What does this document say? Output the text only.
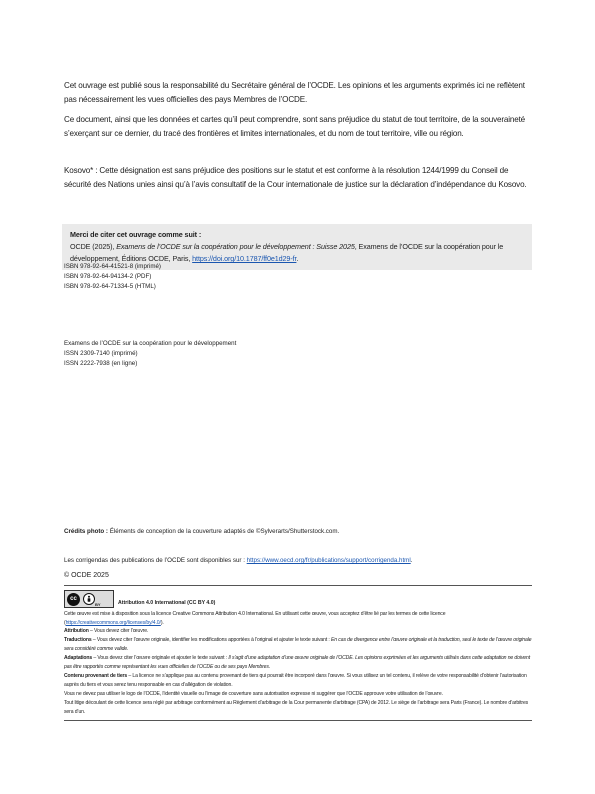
Cet ouvrage est publié sous la responsabilité du Secrétaire général de l’OCDE. Les opinions et les arguments exprimés ici ne reflètent pas nécessairement les vues officielles des pays Membres de l’OCDE.

Ce document, ainsi que les données et cartes qu’il peut comprendre, sont sans préjudice du statut de tout territoire, de la souveraineté s’exerçant sur ce dernier, du tracé des frontières et limites internationales, et du nom de tout territoire, ville ou région.

Kosovo* : Cette désignation est sans préjudice des positions sur le statut et est conforme à la résolution 1244/1999 du Conseil de sécurité des Nations unies ainsi qu’à l’avis consultatif de la Cour internationale de justice sur la déclaration d’indépendance du Kosovo.

Merci de citer cet ouvrage comme suit :
OCDE (2025), Examens de l’OCDE sur la coopération pour le développement : Suisse 2025, Examens de l’OCDE sur la coopération pour le développement, Éditions OCDE, Paris, https://doi.org/10.1787/ff0e1d29-fr.
ISBN 978-92-64-41521-8 (imprimé)
ISBN 978-92-64-94134-2 (PDF)
ISBN 978-92-64-71334-5 (HTML)
Examens de l’OCDE sur la coopération pour le développement
ISSN 2309-7140 (imprimé)
ISSN 2222-7938 (en ligne)
Crédits photo : Éléments de conception de la couverture adaptés de ©Sylverarts/Shutterstock.com.
Les corrigendas des publications de l’OCDE sont disponibles sur : https://www.oecd.org/fr/publications/support/corrigenda.html.
© OCDE 2025
cc
BY	Attribution 4.0 International (CC BY 4.0)
Cette œuvre est mise à disposition sous la licence Creative Commons Attribution 4.0 International. En utilisant cette œuvre, vous acceptez d’être lié par les termes de cette licence (https://creativecommons.org/licenses/by/4.0/).
Attribution – Vous devez citer l’œuvre.
Traductions – Vous devez citer l’œuvre originale, identifier les modifications apportées à l’original et ajouter le texte suivant : En cas de divergence entre l’œuvre originale et la traduction, seul le texte de l’œuvre originale sera considéré comme valide.
Adaptations – Vous devez citer l’œuvre originale et ajouter le texte suivant : Il s’agit d’une adaptation d’une œuvre originale de l’OCDE. Les opinions exprimées et les arguments utilisés dans cette adaptation ne doivent pas être rapportés comme représentant les vues officielles de l’OCDE ou de ses pays Membres.
Contenu provenant de tiers – La licence ne s’applique pas au contenu provenant de tiers qui pourrait être incorporé dans l’œuvre. Si vous utilisez un tel contenu, il relève de votre responsabilité d’obtenir l’autorisation auprès du tiers et vous serez tenu responsable en cas d’allégation de violation.
Vous ne devez pas utiliser le logo de l’OCDE, l’identité visuelle ou l’image de couverture sans autorisation expresse ni suggérer que l’OCDE approuve votre utilisation de l’œuvre.
Tout litige découlant de cette licence sera réglé par arbitrage conformément au Règlement d’arbitrage de la Cour permanente d’arbitrage (CPA) de 2012. Le siège de l’arbitrage sera Paris (France). Le nombre d’arbitres sera d’un.
